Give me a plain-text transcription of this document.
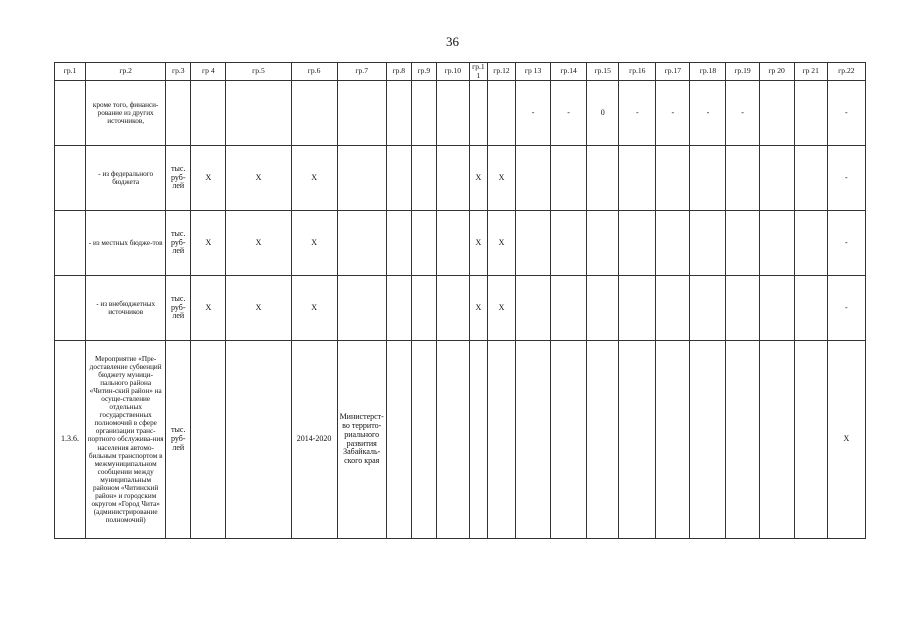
36
гр.1	гр.2	гр.3	гр 4	гр.5	гр.6	гр.7	гр.8	гр.9	гр.10	гр.11	гр.12	гр 13	гр.14	гр.15	гр.16	гр.17	гр.18	гр.19	гр 20	гр 21	гр.22
	кроме того, финанси-рование из других источников,											-	-	0	-	-	-	-			-
	- из федерального бюджета	тыс. руб-лей	X	X	X					X	X										-
	- из местных бюдже-тов	тыс. руб-лей	X	X	X					X	X										-
	- из внебюджетных источников	тыс. руб-лей	X	X	X					X	X										-
1.3.6.	Мероприятие «Пре-доставление субвенций бюджету муници-пального района «Читин-ский район» на осуще-ствление отдельных государственных полномочий в сфере организации транс-портного обслужива-ния населения автомо-бильным транспортом в межмуниципальном сообщении между муниципальным районом «Читинский район» и городским округом «Город Чита» (администрирование полномочий)	тыс. руб-лей			2014-2020	Министерст-во террито-риального развития Забайкаль-ского края															X
